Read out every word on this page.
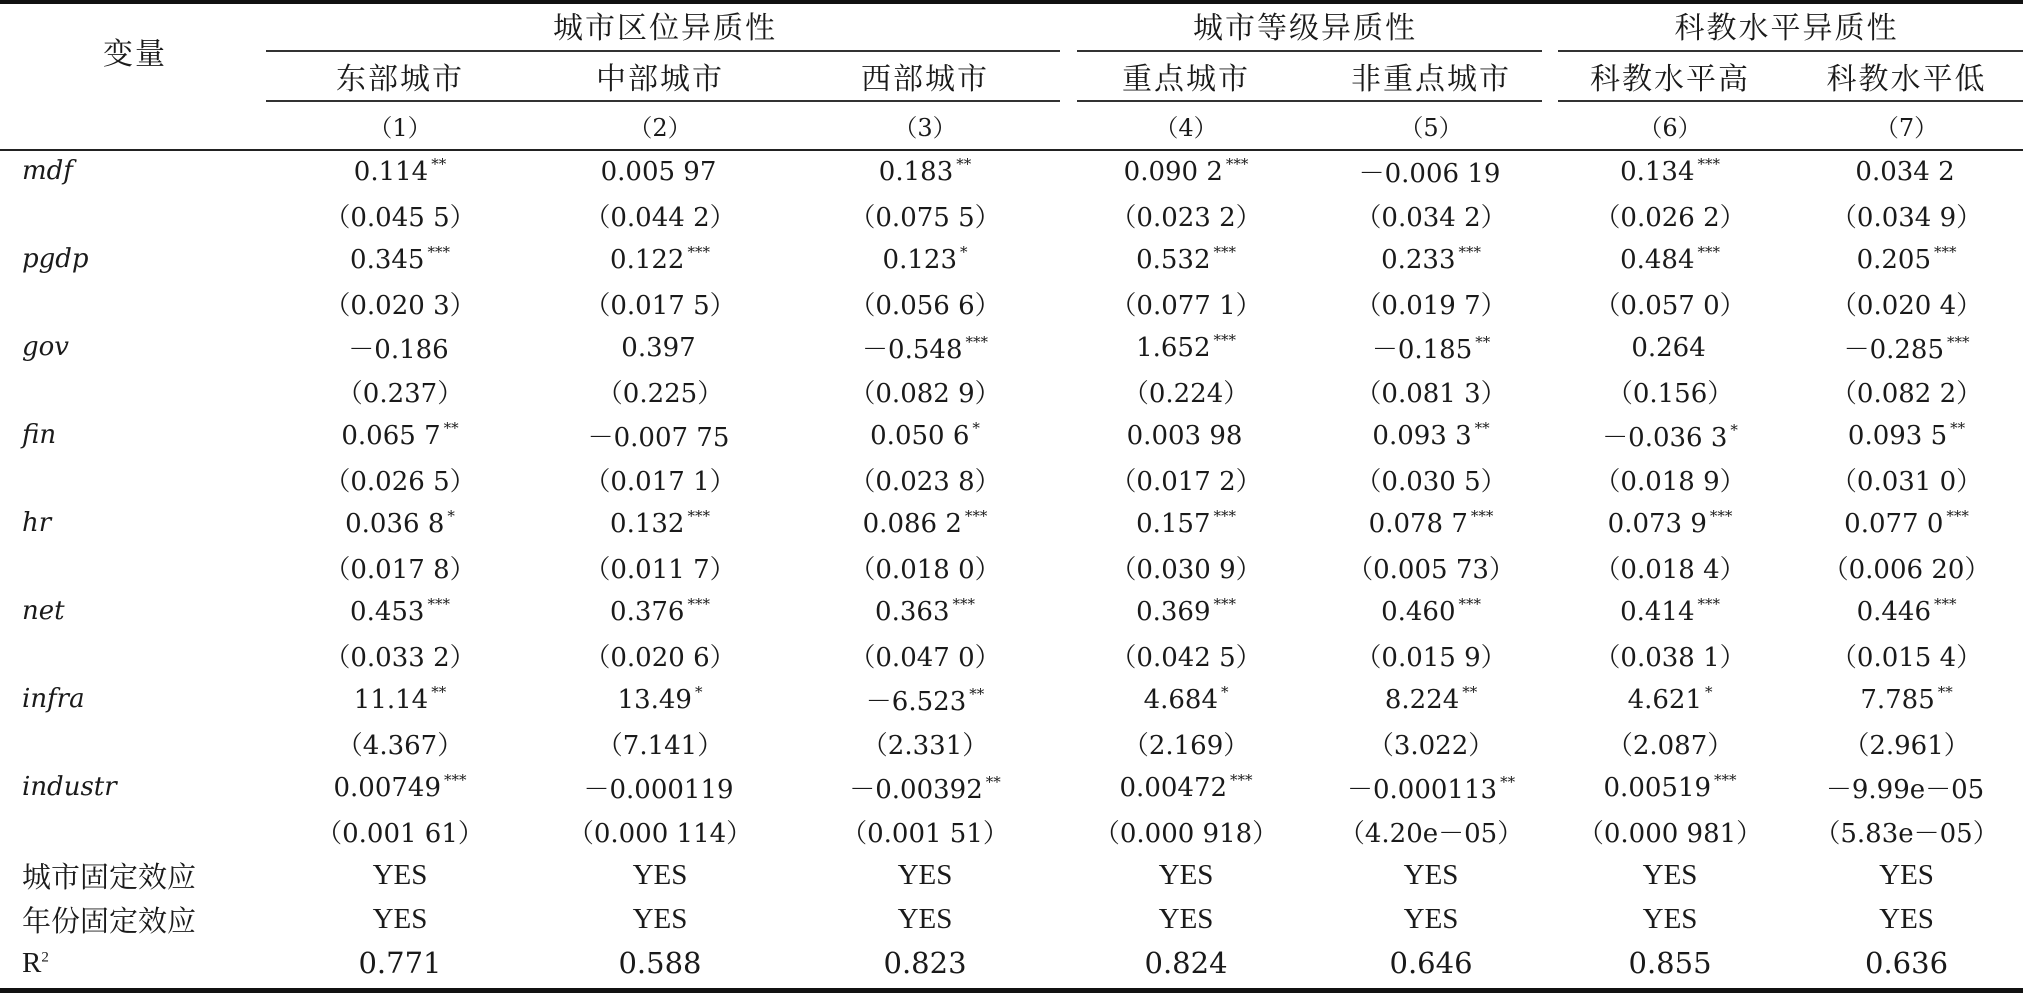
变量	城市区位异质性			城市等级异质性		科教水平异质性	
	东部城市	中部城市	西部城市	重点城市	非重点城市	科教水平高	科教水平低
	（1）	（2）	（3）	（4）	（5）	（6）	（7）
mdf	0.114 **	0.005 97	0.183 **	0.090 2 ***	－0.006 19	0.134 ***	0.034 2
	（0.045 5）	（0.044 2）	（0.075 5）	（0.023 2）	（0.034 2）	（0.026 2）	（0.034 9）
pgdp	0.345 ***	0.122 ***	0.123 *	0.532 ***	0.233 ***	0.484 ***	0.205 ***
	（0.020 3）	（0.017 5）	（0.056 6）	（0.077 1）	（0.019 7）	（0.057 0）	（0.020 4）
gov	－0.186	0.397	－0.548 ***	1.652 ***	－0.185 **	0.264	－0.285 ***
	（0.237）	（0.225）	（0.082 9）	（0.224）	（0.081 3）	（0.156）	（0.082 2）
fin	0.065 7 **	－0.007 75	0.050 6 *	0.003 98	0.093 3 **	－0.036 3 *	0.093 5 **
	（0.026 5）	（0.017 1）	（0.023 8）	（0.017 2）	（0.030 5）	（0.018 9）	（0.031 0）
hr	0.036 8 *	0.132 ***	0.086 2 ***	0.157 ***	0.078 7 ***	0.073 9 ***	0.077 0 ***
	（0.017 8）	（0.011 7）	（0.018 0）	（0.030 9）	（0.005 73）	（0.018 4）	（0.006 20）
net	0.453 ***	0.376 ***	0.363 ***	0.369 ***	0.460 ***	0.414 ***	0.446 ***
	（0.033 2）	（0.020 6）	（0.047 0）	（0.042 5）	（0.015 9）	（0.038 1）	（0.015 4）
infra	11.14 **	13.49 *	－6.523 **	4.684 *	8.224 **	4.621 *	7.785 **
	（4.367）	（7.141）	（2.331）	（2.169）	（3.022）	（2.087）	（2.961）
industr	0.00749 ***	－0.000119	－0.00392 **	0.00472 ***	－0.000113 **	0.00519 ***	－9.99e－05
	（0.001 61）	（0.000 114）	（0.001 51）	（0.000 918）	（4.20e－05）	（0.000 981）	（5.83e－05）
城市固定效应	YES	YES	YES	YES	YES	YES	YES
年份固定效应	YES	YES	YES	YES	YES	YES	YES
$R^2$	0.771	0.588	0.823	0.824	0.646	0.855	0.636
